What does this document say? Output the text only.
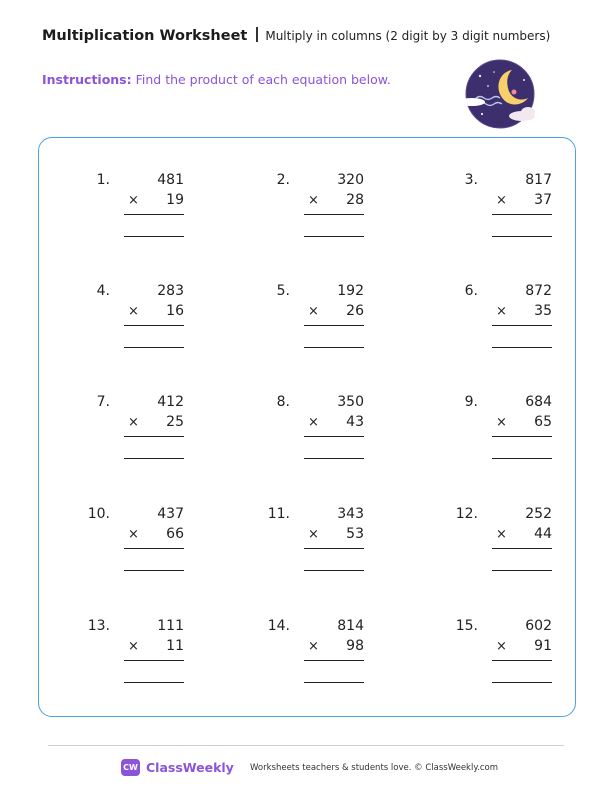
Multiplication Worksheet Multiply in columns (2 digit by 3 digit numbers)
Instructions: Find the product of each equation below.
1.	481
×	19
2.	320
×	28
3.	817
×	37
4.	283
×	16
5.	192
×	26
6.	872
×	35
7.	412
×	25
8.	350
×	43
9.	684
×	65
10.	437
×	66
11.	343
×	53
12.	252
×	44
13.	111
×	11
14.	814
×	98
15.	602
×	91
CW ClassWeekly Worksheets teachers & students love. © ClassWeekly.com
